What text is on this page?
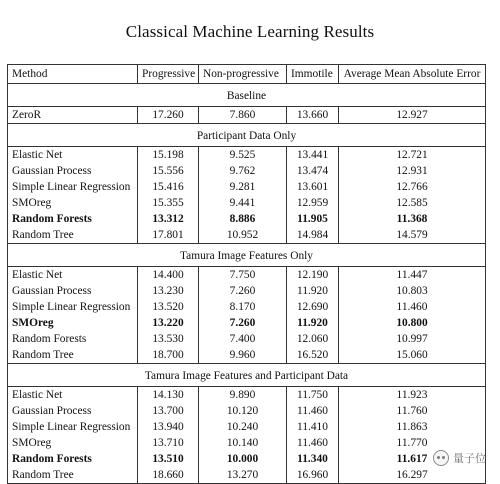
Classical Machine Learning Results
Method	Progressive	Non-progressive	Immotile	Average Mean Absolute Error
Baseline				
ZeroR	17.260	7.860	13.660	12.927
Participant Data Only				
Elastic Net	15.198	9.525	13.441	12.721
Gaussian Process	15.556	9.762	13.474	12.931
Simple Linear Regression	15.416	9.281	13.601	12.766
SMOreg	15.355	9.441	12.959	12.585
Random Forests	13.312	8.886	11.905	11.368
Random Tree	17.801	10.952	14.984	14.579
Tamura Image Features Only				
Elastic Net	14.400	7.750	12.190	11.447
Gaussian Process	13.230	7.260	11.920	10.803
Simple Linear Regression	13.520	8.170	12.690	11.460
SMOreg	13.220	7.260	11.920	10.800
Random Forests	13.530	7.400	12.060	10.997
Random Tree	18.700	9.960	16.520	15.060
Tamura Image Features and Participant Data				
Elastic Net	14.130	9.890	11.750	11.923
Gaussian Process	13.700	10.120	11.460	11.760
Simple Linear Regression	13.940	10.240	11.410	11.863
SMOreg	13.710	10.140	11.460	11.770
Random Forests	13.510	10.000	11.340	11.617
Random Tree	18.660	13.270	16.960	16.297
量子位
